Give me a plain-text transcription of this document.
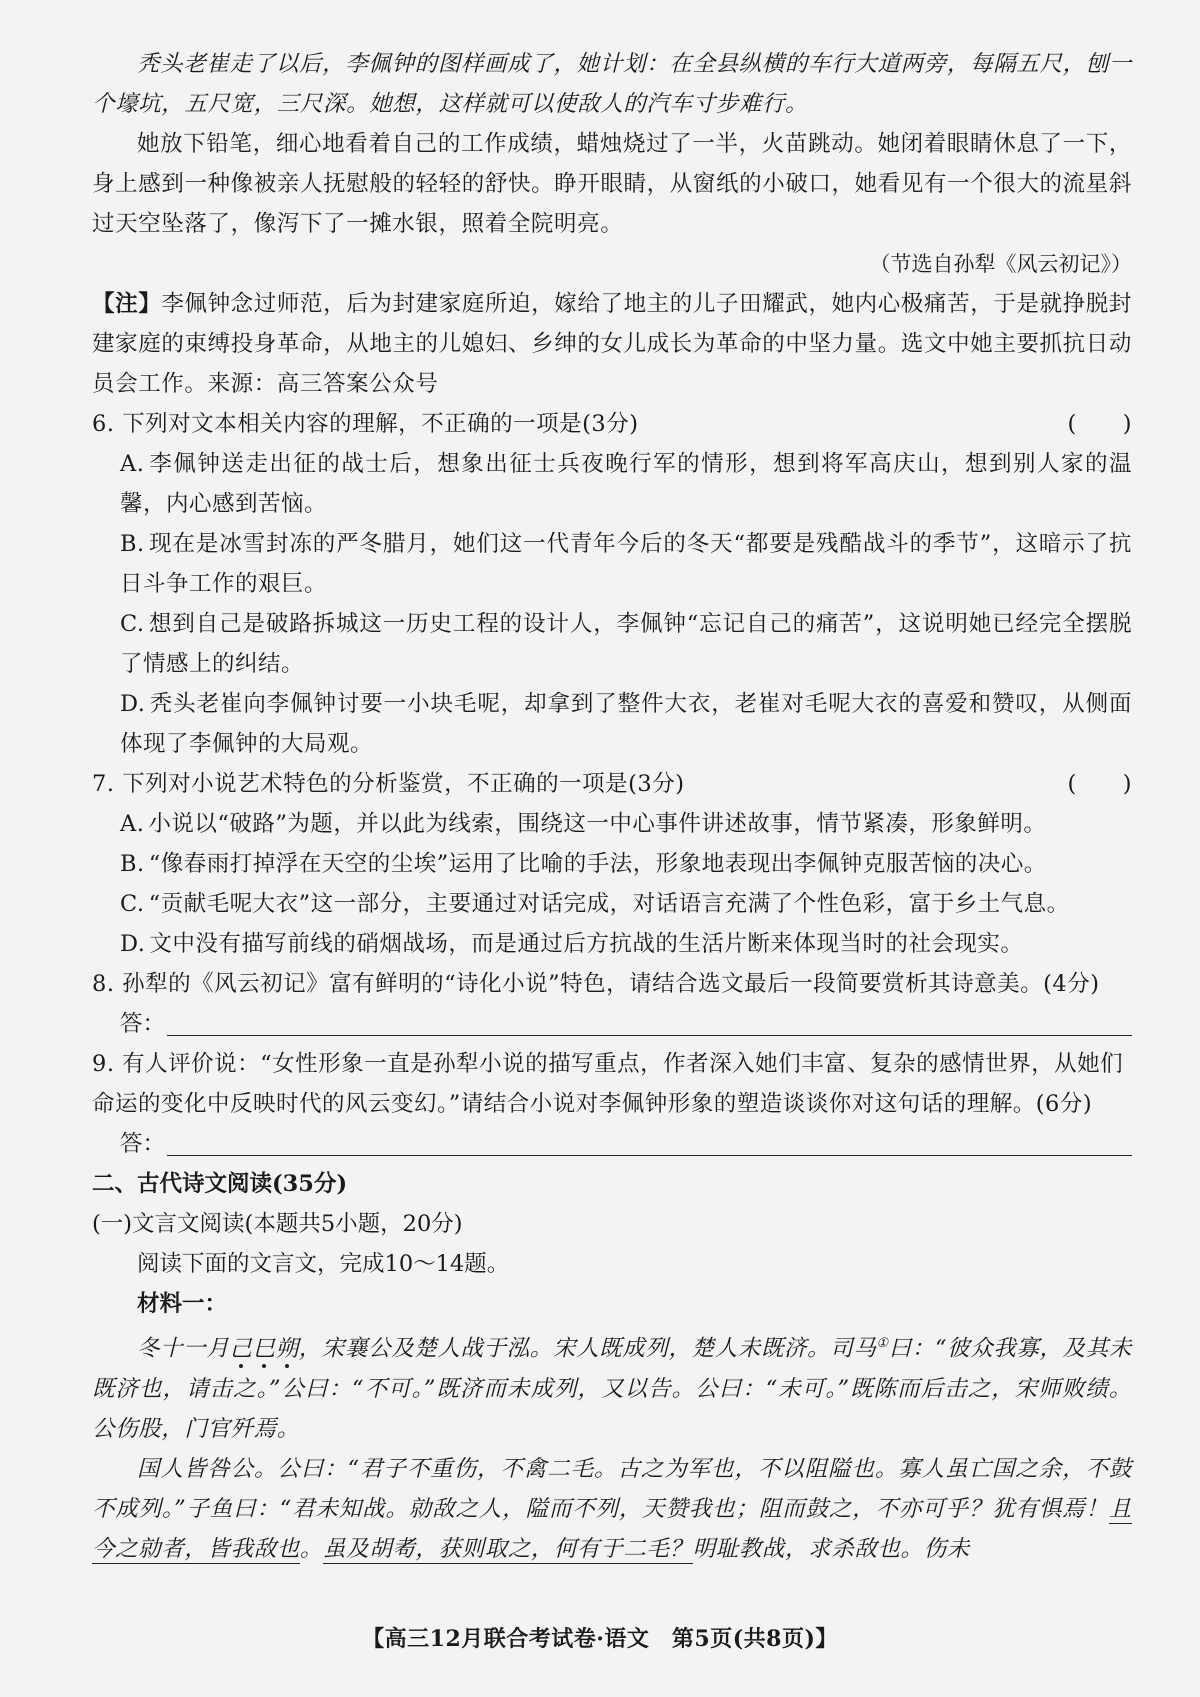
秃头老崔走了以后，李佩钟的图样画成了，她计划：在全县纵横的车行大道两旁，每隔五尺，刨一个壕坑，五尺宽，三尺深。她想，这样就可以使敌人的汽车寸步难行。

她放下铅笔，细心地看着自己的工作成绩，蜡烛烧过了一半，火苗跳动。她闭着眼睛休息了一下，身上感到一种像被亲人抚慰般的轻轻的舒快。睁开眼睛，从窗纸的小破口，她看见有一个很大的流星斜过天空坠落了，像泻下了一摊水银，照着全院明亮。

（节选自孙犁《风云初记》）

【注】李佩钟念过师范，后为封建家庭所迫，嫁给了地主的儿子田耀武，她内心极痛苦，于是就挣脱封建家庭的束缚投身革命，从地主的儿媳妇、乡绅的女儿成长为革命的中坚力量。选文中她主要抓抗日动员会工作。来源：高三答案公众号

6. 下列对文本相关内容的理解，不正确的一项是(3分)	(　　)

A. 李佩钟送走出征的战士后，想象出征士兵夜晚行军的情形，想到将军高庆山，想到别人家的温馨，内心感到苦恼。

B. 现在是冰雪封冻的严冬腊月，她们这一代青年今后的冬天“都要是残酷战斗的季节”，这暗示了抗日斗争工作的艰巨。

C. 想到自己是破路拆城这一历史工程的设计人，李佩钟“忘记自己的痛苦”，这说明她已经完全摆脱了情感上的纠结。

D. 秃头老崔向李佩钟讨要一小块毛呢，却拿到了整件大衣，老崔对毛呢大衣的喜爱和赞叹，从侧面体现了李佩钟的大局观。

7. 下列对小说艺术特色的分析鉴赏，不正确的一项是(3分)	(　　)

A. 小说以“破路”为题，并以此为线索，围绕这一中心事件讲述故事，情节紧凑，形象鲜明。

B. “像春雨打掉浮在天空的尘埃”运用了比喻的手法，形象地表现出李佩钟克服苦恼的决心。

C. “贡献毛呢大衣”这一部分，主要通过对话完成，对话语言充满了个性色彩，富于乡土气息。

D. 文中没有描写前线的硝烟战场，而是通过后方抗战的生活片断来体现当时的社会现实。

8. 孙犁的《风云初记》富有鲜明的“诗化小说”特色，请结合选文最后一段简要赏析其诗意美。(4分)

答：

9. 有人评价说：“女性形象一直是孙犁小说的描写重点，作者深入她们丰富、复杂的感情世界，从她们命运的变化中反映时代的风云变幻。”请结合小说对李佩钟形象的塑造谈谈你对这句话的理解。(6分)

答：

二、古代诗文阅读(35分)

(一)文言文阅读(本题共5小题，20分)

阅读下面的文言文，完成10～14题。

材料一：

冬十一月己巳朔，宋襄公及楚人战于泓。宋人既成列，楚人未既济。司马①曰：“彼众我寡，及其未既济也，请击之。”公曰：“不可。”既济而未成列，又以告。公曰：“未可。”既陈而后击之，宋师败绩。公伤股，门官歼焉。

国人皆咎公。公曰：“君子不重伤，不禽二毛。古之为军也，不以阻隘也。寡人虽亡国之余，不鼓不成列。”子鱼曰：“君未知战。勍敌之人，隘而不列，天赞我也；阻而鼓之，不亦可乎？犹有惧焉！且今之勍者，皆我敌也。虽及胡耇，获则取之，何有于二毛？明耻教战，求杀敌也。伤未

【高三12月联合考试卷·语文　第5页(共8页)】
